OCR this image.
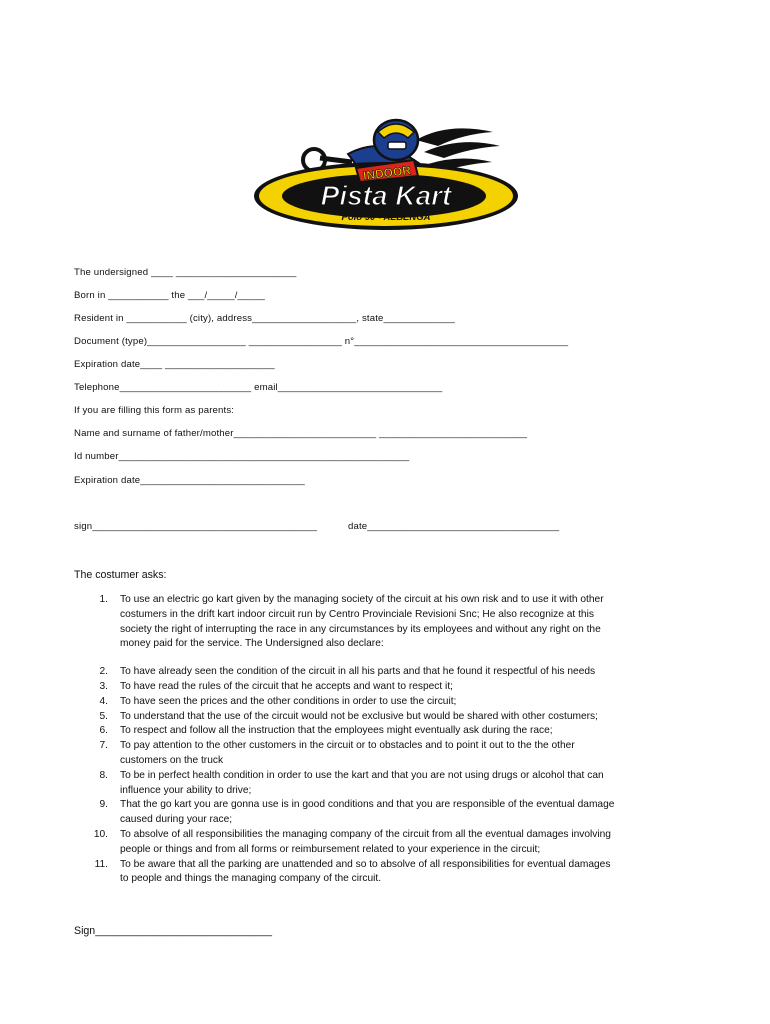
INDOOR
Pista Kart
Polo 90 • ALBENGA
The undersigned ____ ______________________
Born in ___________ the ___/_____/_____
Resident in ___________ (city), address___________________, state_____________
Document (type)__________________ _________________ n°_______________________________________
Expiration date____ ____________________
Telephone________________________ email______________________________
If you are filling this form as parents:
Name and surname of father/mother__________________________ ___________________________
Id number_____________________________________________________
Expiration date______________________________
sign_________________________________________	date___________________________________
The costumer asks:
1. To use an electric go kart given by the managing society of the circuit at his own risk and to use it with other
costumers in the drift kart indoor circuit run by Centro Provinciale Revisioni Snc; He also recognize at this
society the right of interrupting the race in any circumstances by its employees and without any right on the
money paid for the service. The Undersigned also declare:
2. To have already seen the condition of the circuit in all his parts and that he found it respectful of his needs
3. To have read the rules of the circuit that he accepts and want to respect it;
4. To have seen the prices and the other conditions in order to use the circuit;
5. To understand that the use of the circuit would not be exclusive but would be shared with other costumers;
6. To respect and follow all the instruction that the employees might eventually ask during the race;
7. To pay attention to the other customers in the circuit or to obstacles and to point it out to the the other
customers on the truck
8. To be in perfect health condition in order to use the kart and that you are not using drugs or alcohol that can
influence your ability to drive;
9. That the go kart you are gonna use is in good conditions and that you are responsible of the eventual damage
caused during your race;
10. To absolve of all responsibilities the managing company of the circuit from all the eventual damages involving
people or things and from all forms or reimbursement related to your experience in the circuit;
11. To be aware that all the parking are unattended and so to absolve of all responsibilities for eventual damages
to people and things the managing company of the circuit.
Sign______________________________
